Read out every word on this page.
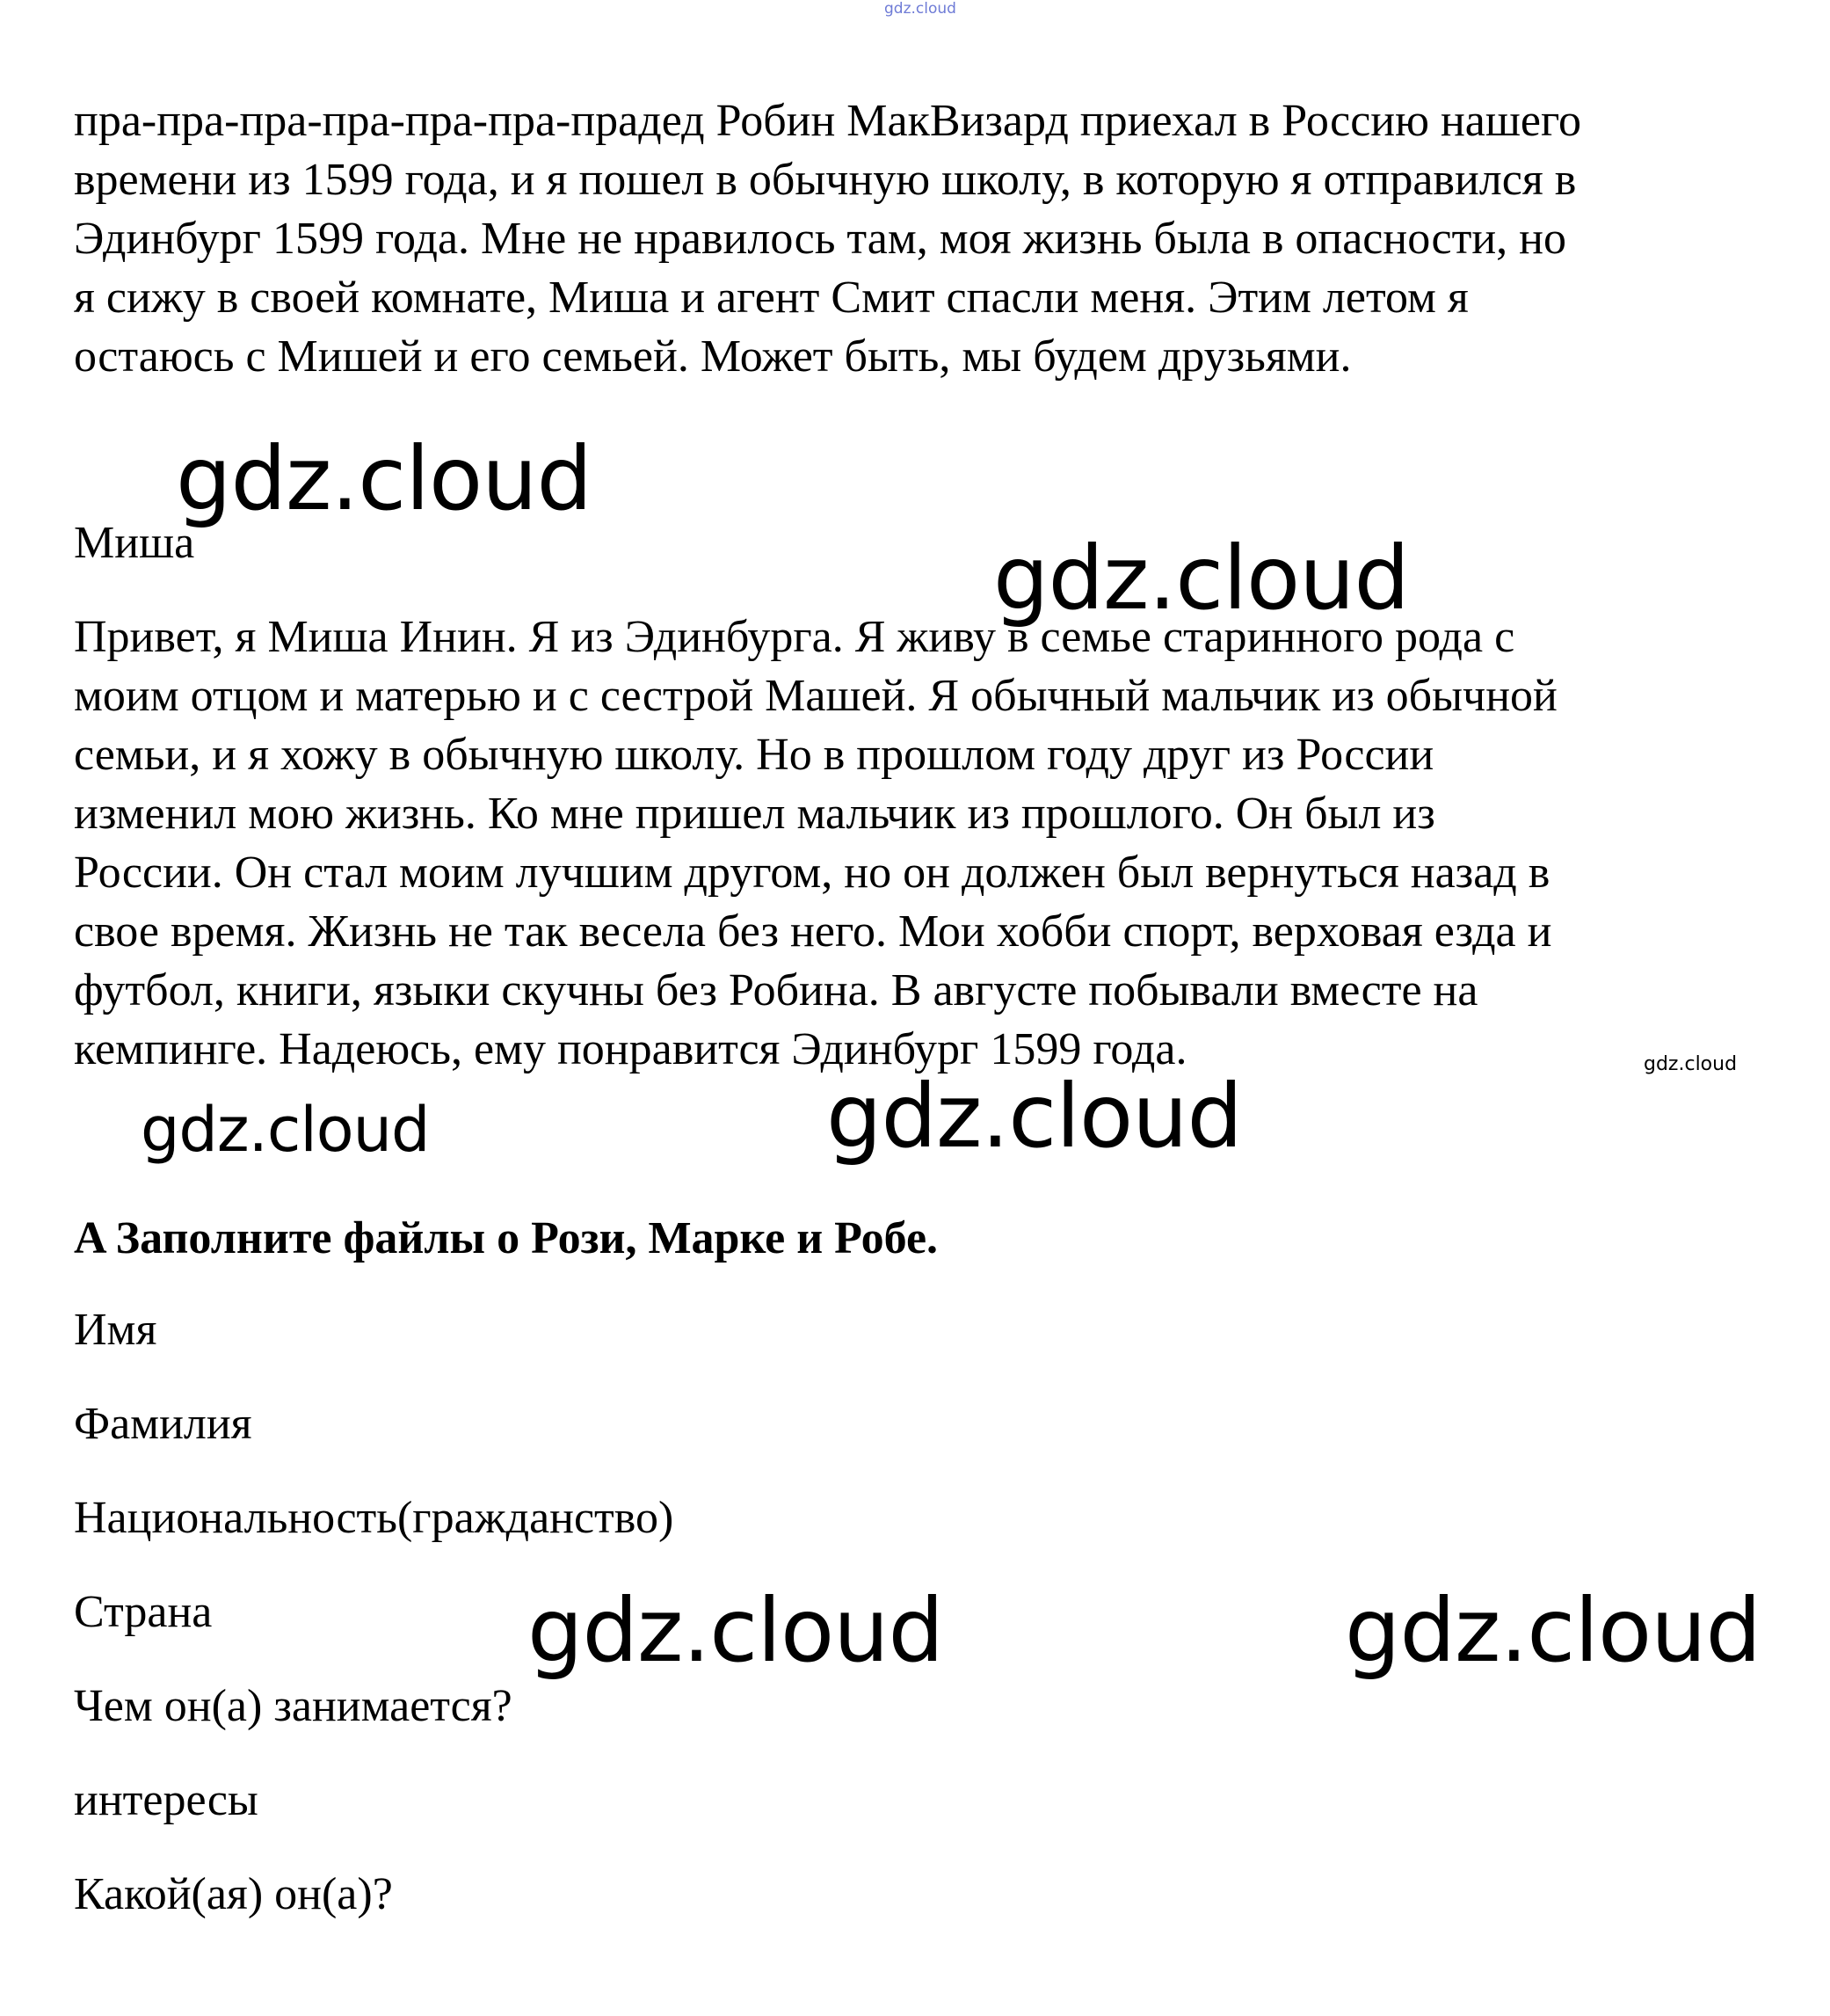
gdz.cloud
пра-пра-пра-пра-пра-пра-прадед Робин МакВизард приехал в Россию нашего
времени из 1599 года, и я пошел в обычную школу, в которую я отправился в
Эдинбург 1599 года. Мне не нравилось там, моя жизнь была в опасности, но
я сижу в своей комнате, Миша и агент Смит спасли меня. Этим летом я
остаюсь с Мишей и его семьей. Может быть, мы будем друзьями.
Миша
Привет, я Миша Инин. Я из Эдинбурга. Я живу в семье старинного рода с
моим отцом и матерью и с сестрой Машей. Я обычный мальчик из обычной
семьи, и я хожу в обычную школу. Но в прошлом году друг из России
изменил мою жизнь. Ко мне пришел мальчик из прошлого. Он был из
России. Он стал моим лучшим другом, но он должен был вернуться назад в
свое время. Жизнь не так весела без него. Мои хобби спорт, верховая езда и
футбол, книги, языки скучны без Робина. В августе побывали вместе на
кемпинге. Надеюсь, ему понравится Эдинбург 1599 года.
A Заполните файлы о Рози, Марке и Робе.
Имя
Фамилия
Национальность(гражданство)
Страна
Чем он(а) занимается?
интересы
Какой(ая) он(а)?
gdz.cloud
gdz.cloud
gdz.cloud
gdz.cloud	gdz.cloud
gdz.cloud	gdz.cloud
